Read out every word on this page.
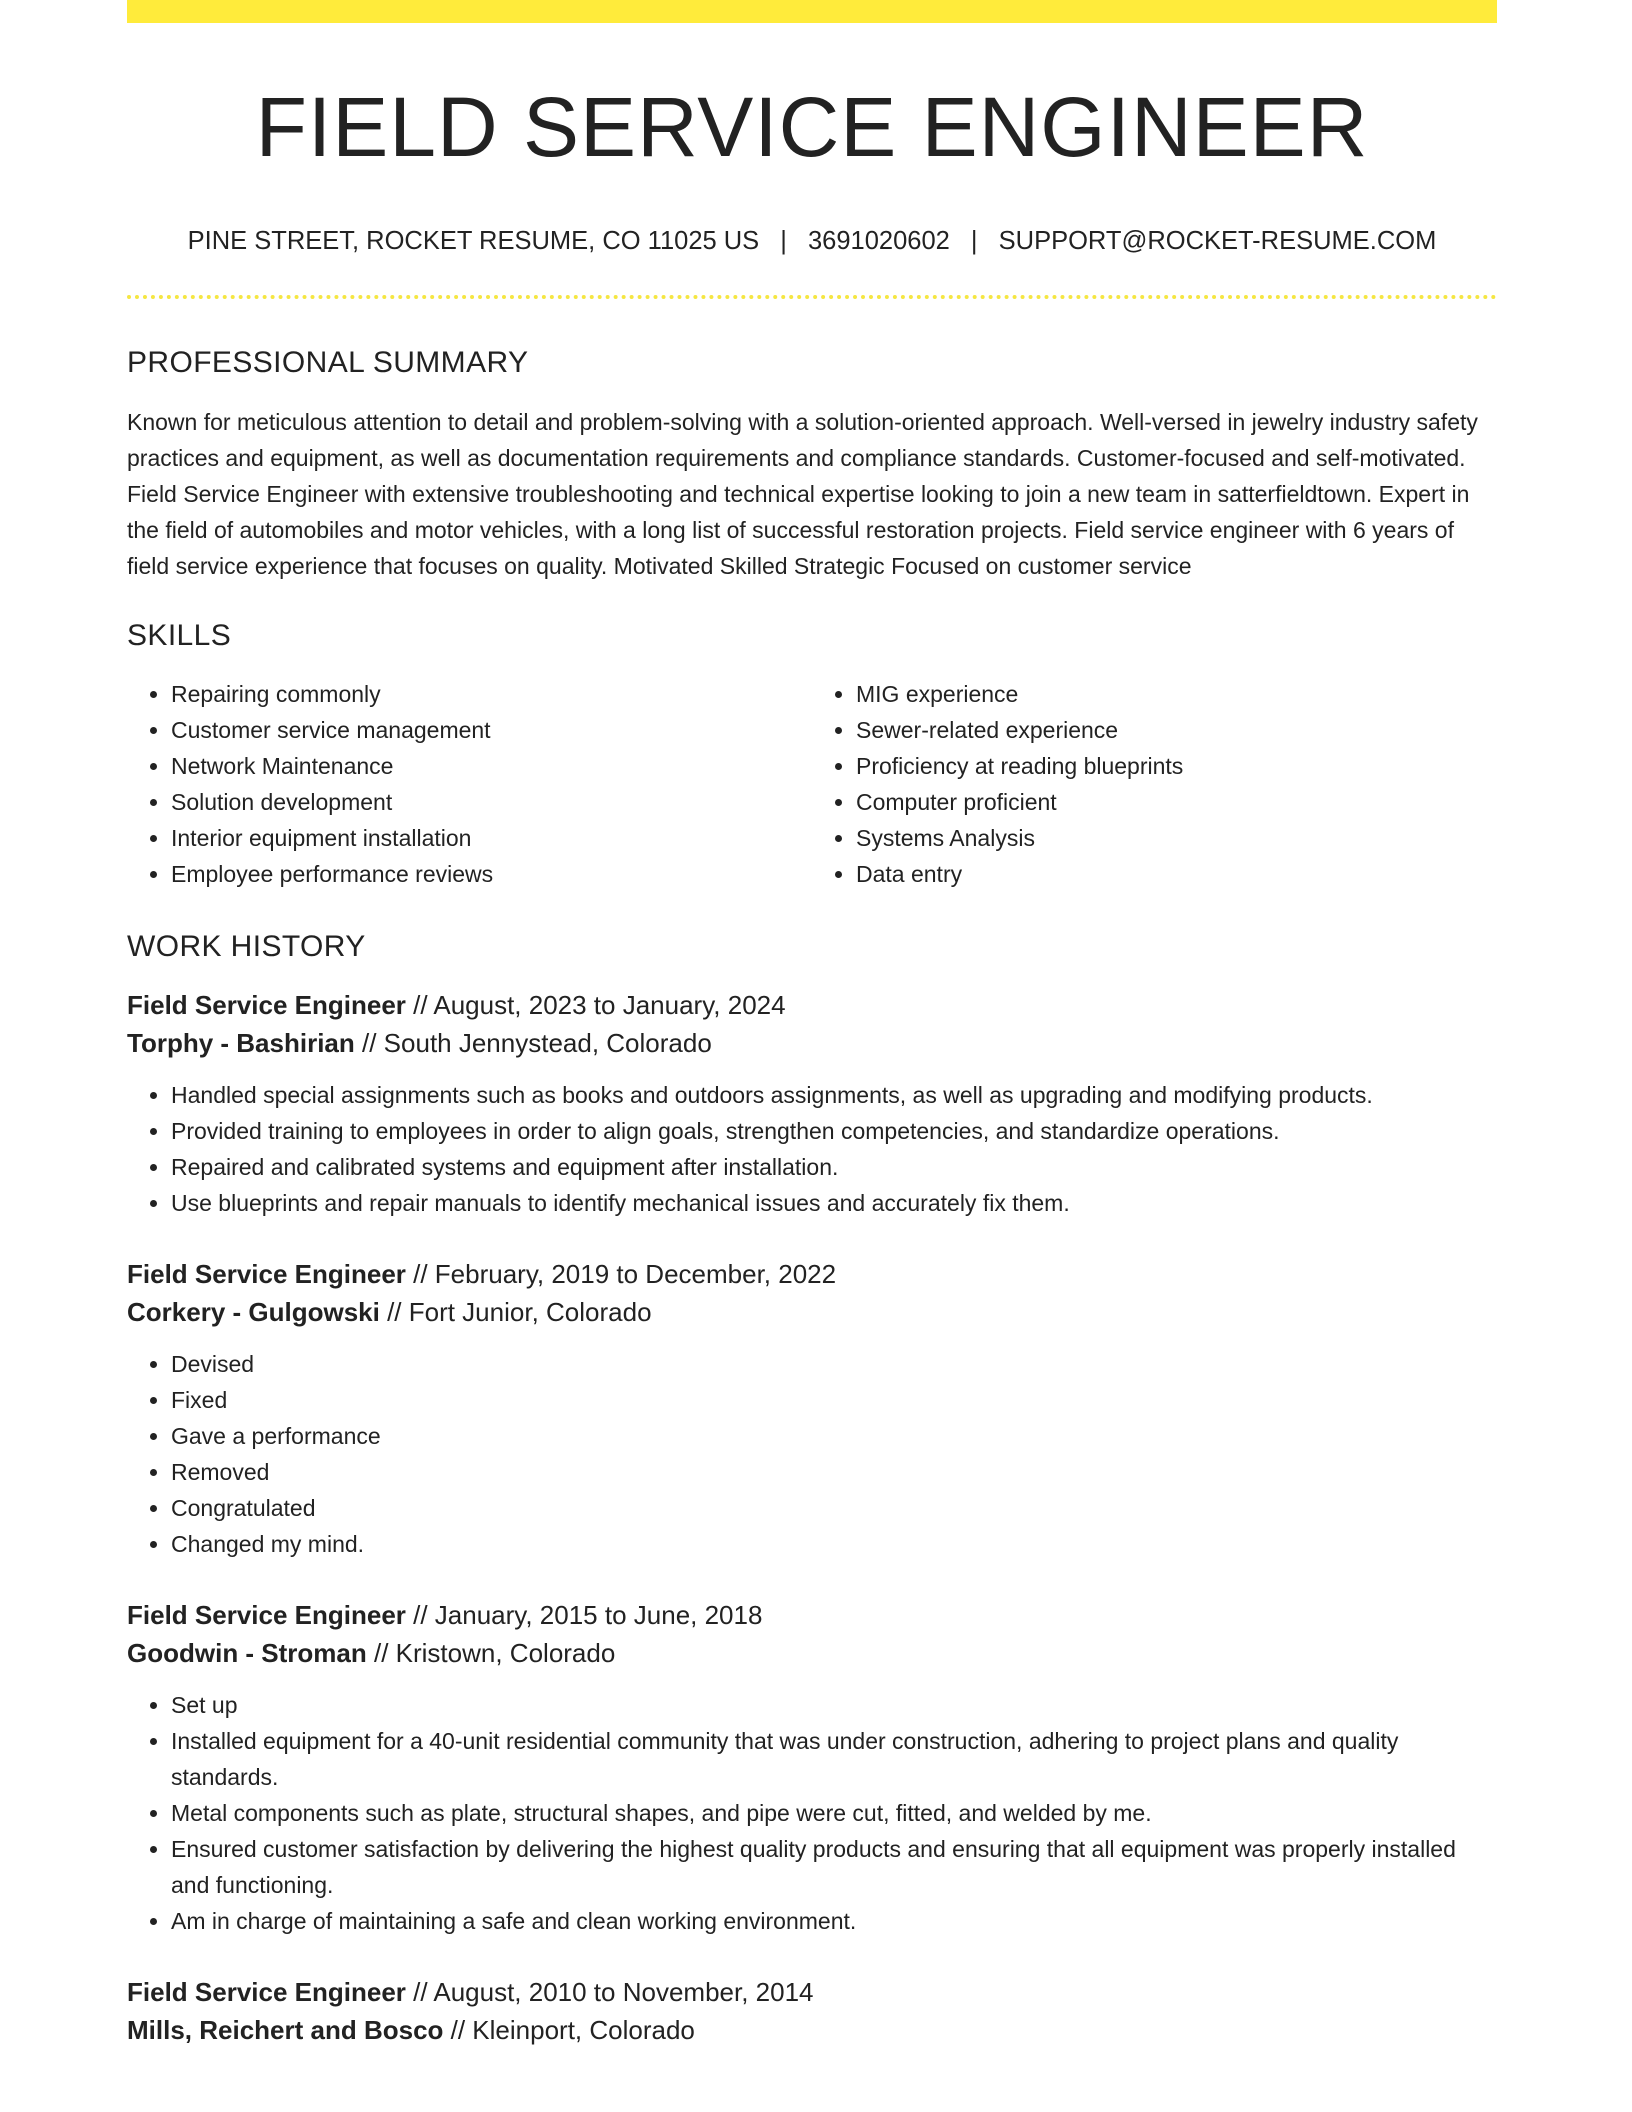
FIELD SERVICE ENGINEER
PINE STREET, ROCKET RESUME, CO 11025 US | 3691020602 | SUPPORT@ROCKET-RESUME.COM
PROFESSIONAL SUMMARY
Known for meticulous attention to detail and problem-solving with a solution-oriented approach. Well-versed in jewelry industry safety practices and equipment, as well as documentation requirements and compliance standards. Customer-focused and self-motivated. Field Service Engineer with extensive troubleshooting and technical expertise looking to join a new team in satterfieldtown. Expert in the field of automobiles and motor vehicles, with a long list of successful restoration projects. Field service engineer with 6 years of field service experience that focuses on quality. Motivated Skilled Strategic Focused on customer service
SKILLS
• Repairing commonly
• Customer service management
• Network Maintenance
• Solution development
• Interior equipment installation
• Employee performance reviews
• MIG experience
• Sewer-related experience
• Proficiency at reading blueprints
• Computer proficient
• Systems Analysis
• Data entry
WORK HISTORY
Field Service Engineer // August, 2023 to January, 2024
Torphy - Bashirian // South Jennystead, Colorado
• Handled special assignments such as books and outdoors assignments, as well as upgrading and modifying products.
• Provided training to employees in order to align goals, strengthen competencies, and standardize operations.
• Repaired and calibrated systems and equipment after installation.
• Use blueprints and repair manuals to identify mechanical issues and accurately fix them.
Field Service Engineer // February, 2019 to December, 2022
Corkery - Gulgowski // Fort Junior, Colorado
• Devised
• Fixed
• Gave a performance
• Removed
• Congratulated
• Changed my mind.
Field Service Engineer // January, 2015 to June, 2018
Goodwin - Stroman // Kristown, Colorado
• Set up
• Installed equipment for a 40-unit residential community that was under construction, adhering to project plans and quality standards.
• Metal components such as plate, structural shapes, and pipe were cut, fitted, and welded by me.
• Ensured customer satisfaction by delivering the highest quality products and ensuring that all equipment was properly installed and functioning.
• Am in charge of maintaining a safe and clean working environment.
Field Service Engineer // August, 2010 to November, 2014
Mills, Reichert and Bosco // Kleinport, Colorado
